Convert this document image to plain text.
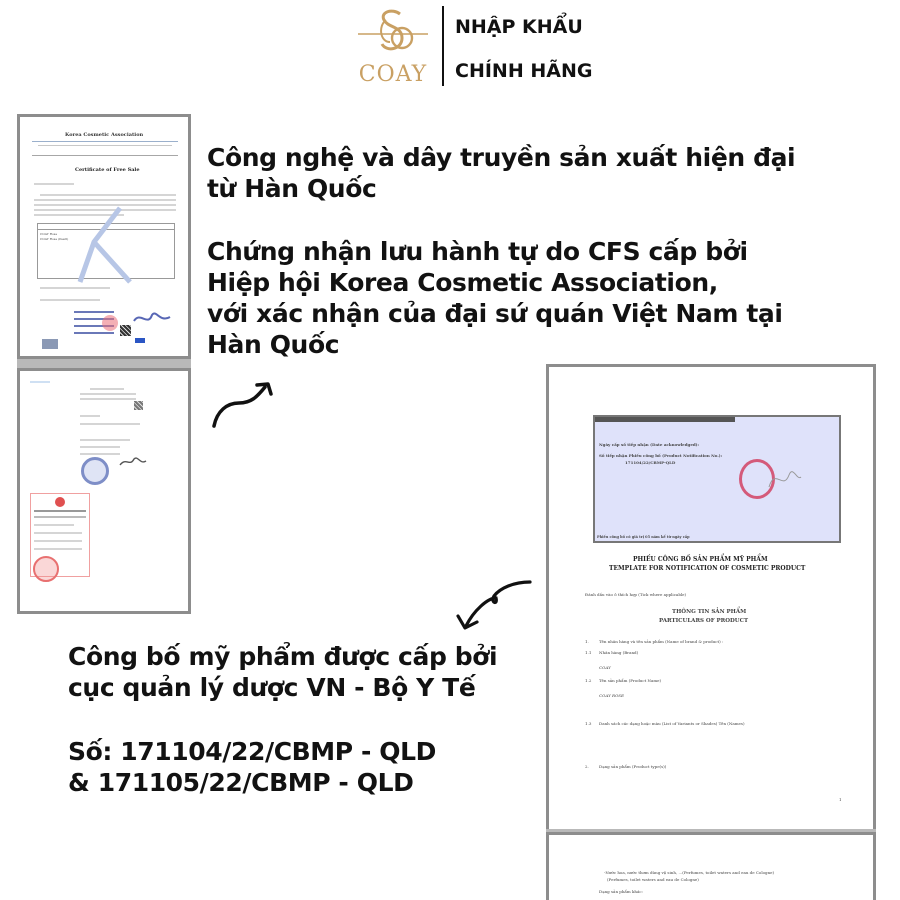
COAY
NHẬP KHẨU
CHÍNH HÃNG
Korea Cosmetic Association
Certificate of Free Sale
COAY Rose
COAY Rose (Pearl)
Ngày cấp số tiếp nhận (Date acknowledged):
Số tiếp nhận Phiếu công bố (Product Notification No.):
171104/22/CBMP-QLD
Phiếu công bố có giá trị 05 năm kể từ ngày cấp
PHIẾU CÔNG BỐ SẢN PHẨM MỸ PHẨM
TEMPLATE FOR NOTIFICATION OF COSMETIC PRODUCT
Đánh dấu vào ô thích hợp (Tick where applicable)
THÔNG TIN SẢN PHẨM
PARTICULARS OF PRODUCT
1.	Tên nhãn hàng và tên sản phẩm (Name of brand & product) :
1.1 Nhãn hàng (Brand)
COAY
1.2 Tên sản phẩm (Product Name)
COAY ROSE
1.3 Danh sách các dạng hoặc màu (List of Variants or Shades) Tên (Names)
2.	Dạng sản phẩm (Product type(s))
1
-Nước hoa, nước thơm dùng vệ sinh, ...(Perfumes, toilet waters and eau de Cologne)
(Perfumes, toilet waters and eau de Cologne)
Dạng sản phẩm khác:
Công nghệ và dây truyền sản xuất hiện đại
từ Hàn Quốc
Chứng nhận lưu hành tự do CFS cấp bởi
Hiệp hội Korea Cosmetic Association,
với xác nhận của đại sứ quán Việt Nam tại
Hàn Quốc
Công bố mỹ phẩm được cấp bởi
cục quản lý dược VN - Bộ Y Tế
Số: 171104/22/CBMP - QLD
& 171105/22/CBMP - QLD
